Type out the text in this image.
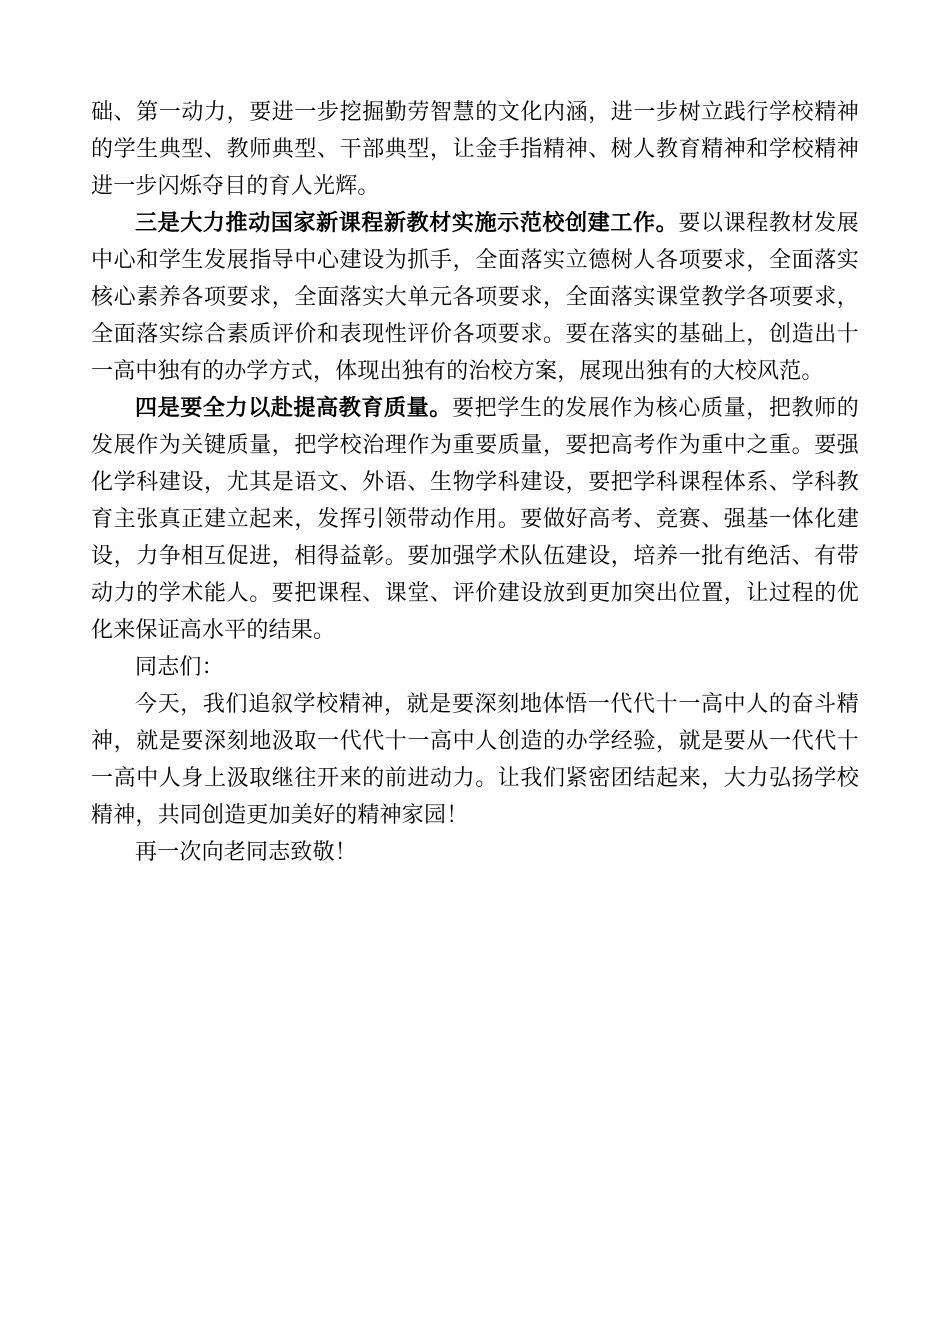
础、第一动力，要进一步挖掘勤劳智慧的文化内涵，进一步树立践行学校精神的学生典型、教师典型、干部典型，让金手指精神、树人教育精神和学校精神进一步闪烁夺目的育人光辉。

三是大力推动国家新课程新教材实施示范校创建工作。要以课程教材发展中心和学生发展指导中心建设为抓手，全面落实立德树人各项要求，全面落实核心素养各项要求，全面落实大单元各项要求，全面落实课堂教学各项要求，全面落实综合素质评价和表现性评价各项要求。要在落实的基础上，创造出十一高中独有的办学方式，体现出独有的治校方案，展现出独有的大校风范。

四是要全力以赴提高教育质量。要把学生的发展作为核心质量，把教师的发展作为关键质量，把学校治理作为重要质量，要把高考作为重中之重。要强化学科建设，尤其是语文、外语、生物学科建设，要把学科课程体系、学科教育主张真正建立起来，发挥引领带动作用。要做好高考、竞赛、强基一体化建设，力争相互促进，相得益彰。要加强学术队伍建设，培养一批有绝活、有带动力的学术能人。要把课程、课堂、评价建设放到更加突出位置，让过程的优化来保证高水平的结果。

同志们：

今天，我们追叙学校精神，就是要深刻地体悟一代代十一高中人的奋斗精神，就是要深刻地汲取一代代十一高中人创造的办学经验，就是要从一代代十一高中人身上汲取继往开来的前进动力。让我们紧密团结起来，大力弘扬学校精神，共同创造更加美好的精神家园！

再一次向老同志致敬！
